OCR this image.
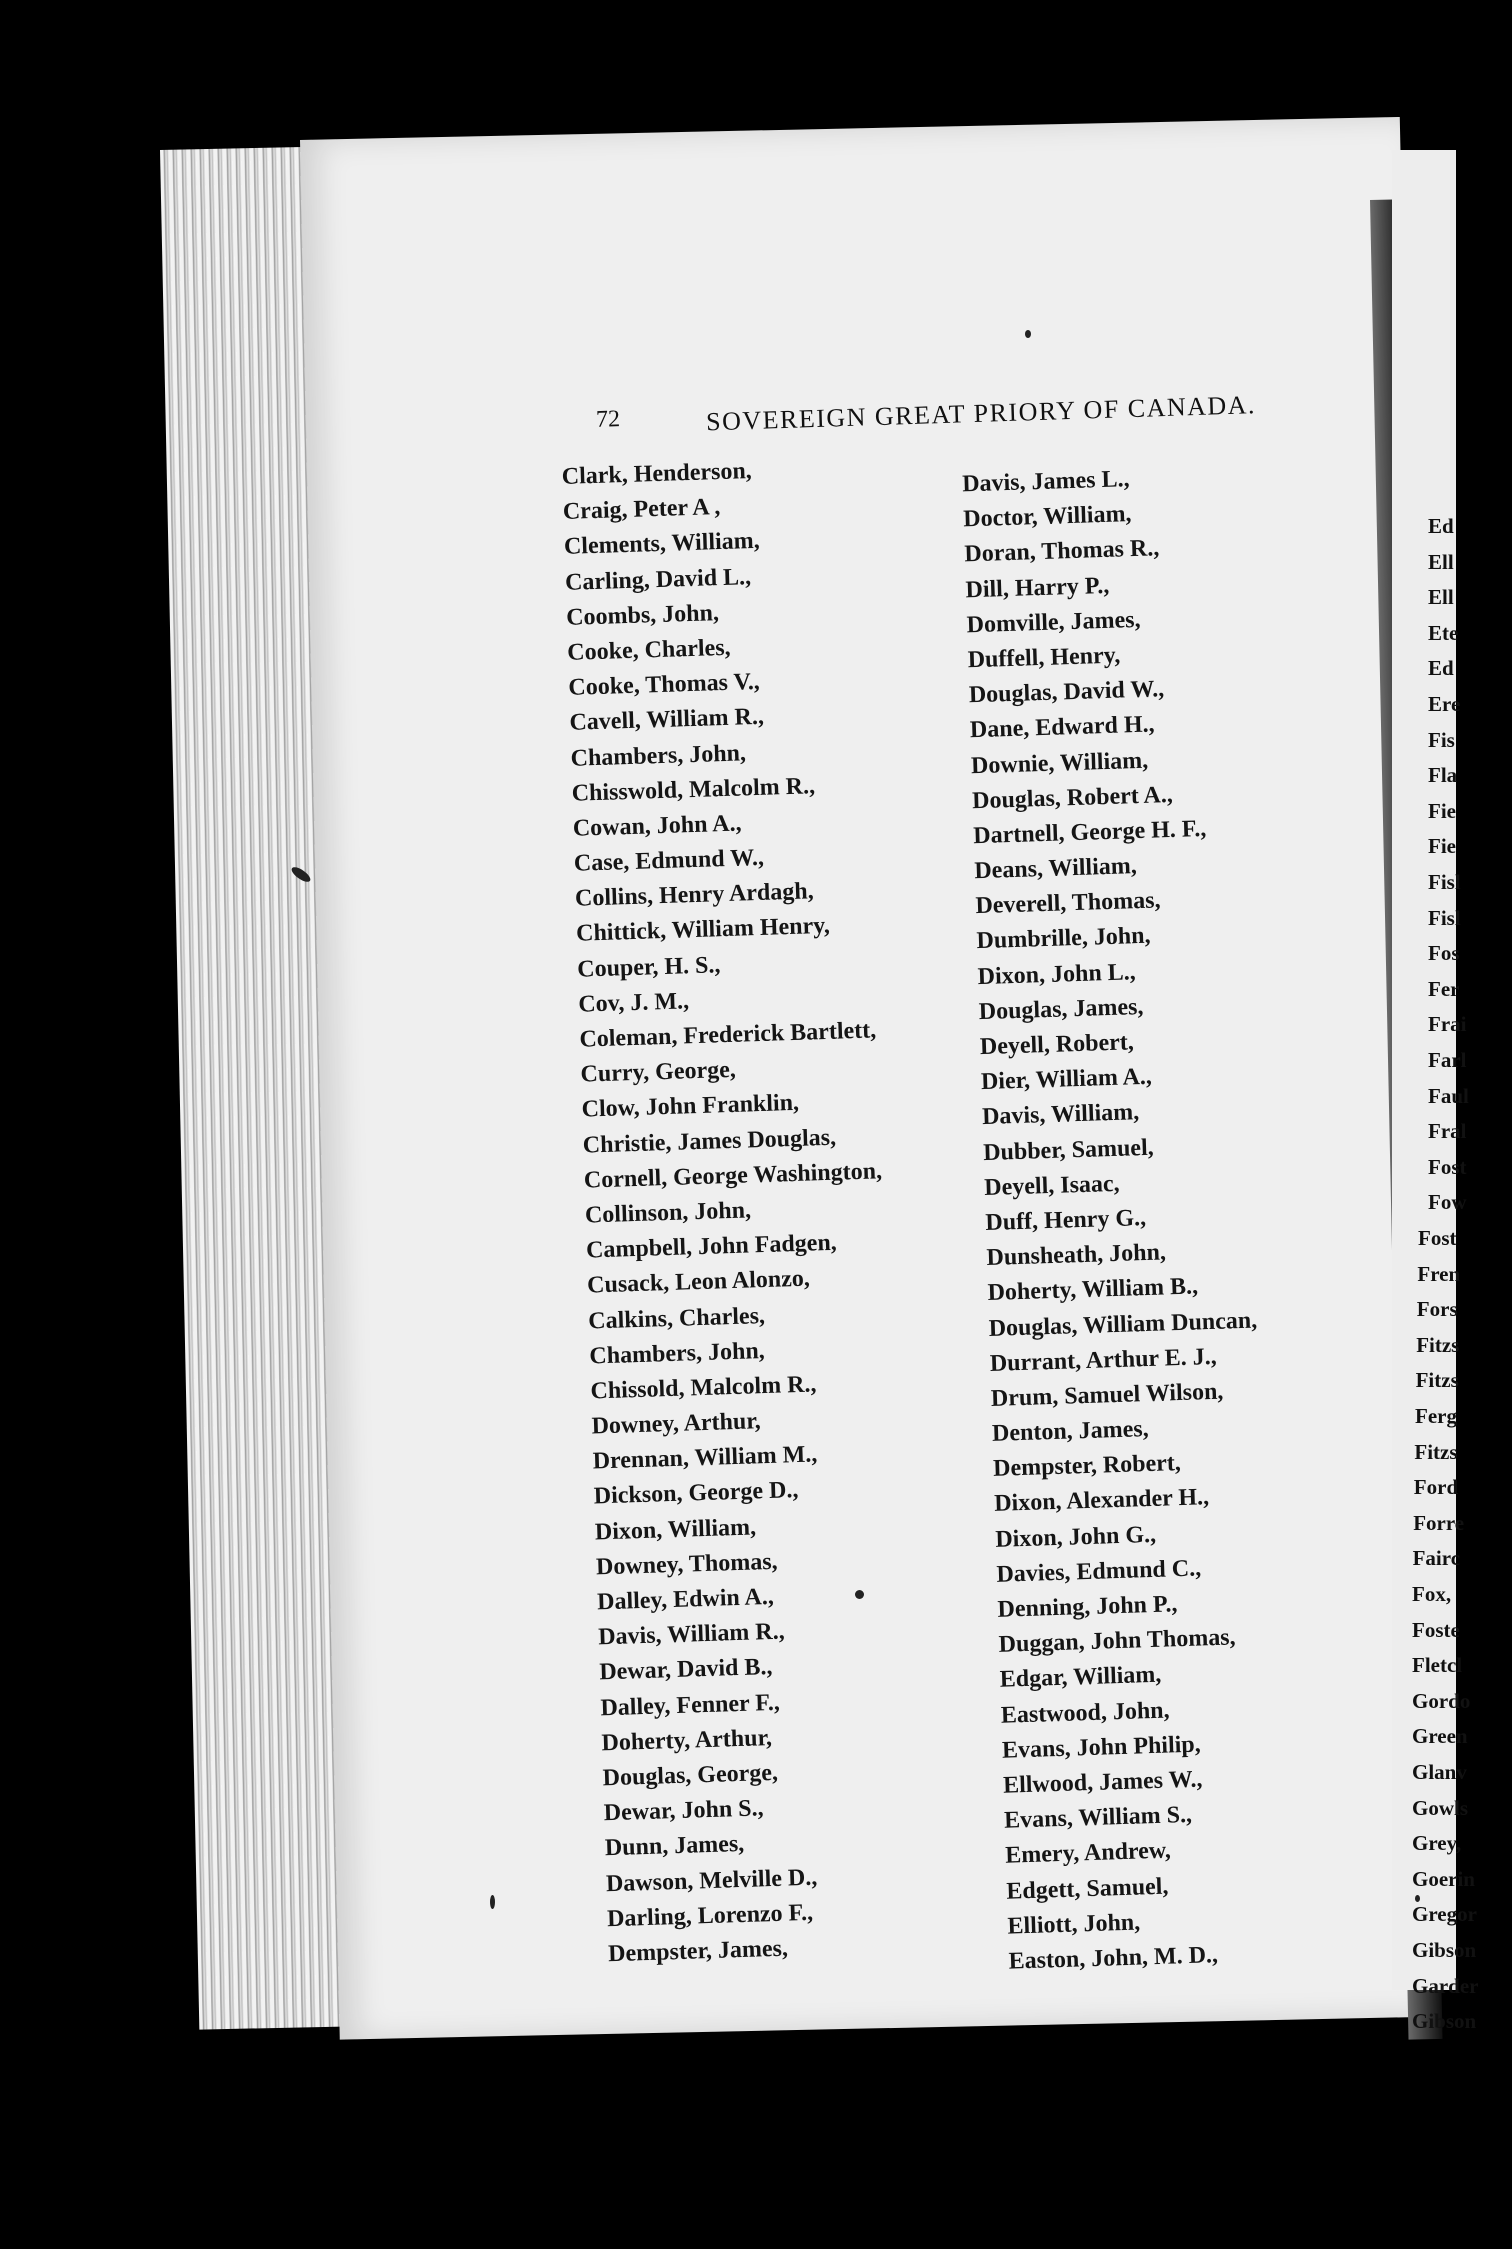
Ed
Ell
Ell
Ete
Ed
Ere
Fis
Fla
Fie
Fie
Fisl
Fisl
Fos
Fer
Frai
Farl
Faul
Fral
Fost
Fow
Fost
Fren
Fors
Fitzs
Fitzs
Ferg
Fitzs
Ford
Forre
Fairc
Fox,
Foste
Fletcl
Gordo
Green
Glanv
Gowls
Grey,
Goerin
Gregor
Gibson
Garder
Gibson
72	SOVEREIGN GREAT PRIORY OF CANADA.
Clark, Henderson,
Craig, Peter A ,
Clements, William,
Carling, David L.,
Coombs, John,
Cooke, Charles,
Cooke, Thomas V.,
Cavell, William R.,
Chambers, John,
Chisswold, Malcolm R.,
Cowan, John A.,
Case, Edmund W.,
Collins, Henry Ardagh,
Chittick, William Henry,
Couper, H. S.,
Cov, J. M.,
Coleman, Frederick Bartlett,
Curry, George,
Clow, John Franklin,
Christie, James Douglas,
Cornell, George Washington,
Collinson, John,
Campbell, John Fadgen,
Cusack, Leon Alonzo,
Calkins, Charles,
Chambers, John,
Chissold, Malcolm R.,
Downey, Arthur,
Drennan, William M.,
Dickson, George D.,
Dixon, William,
Downey, Thomas,
Dalley, Edwin A.,
Davis, William R.,
Dewar, David B.,
Dalley, Fenner F.,
Doherty, Arthur,
Douglas, George,
Dewar, John S.,
Dunn, James,
Dawson, Melville D.,
Darling, Lorenzo F.,
Dempster, James,
Davis, James L.,
Doctor, William,
Doran, Thomas R.,
Dill, Harry P.,
Domville, James,
Duffell, Henry,
Douglas, David W.,
Dane, Edward H.,
Downie, William,
Douglas, Robert A.,
Dartnell, George H. F.,
Deans, William,
Deverell, Thomas,
Dumbrille, John,
Dixon, John L.,
Douglas, James,
Deyell, Robert,
Dier, William A.,
Davis, William,
Dubber, Samuel,
Deyell, Isaac,
Duff, Henry G.,
Dunsheath, John,
Doherty, William B.,
Douglas, William Duncan,
Durrant, Arthur E. J.,
Drum, Samuel Wilson,
Denton, James,
Dempster, Robert,
Dixon, Alexander H.,
Dixon, John G.,
Davies, Edmund C.,
Denning, John P.,
Duggan, John Thomas,
Edgar, William,
Eastwood, John,
Evans, John Philip,
Ellwood, James W.,
Evans, William S.,
Emery, Andrew,
Edgett, Samuel,
Elliott, John,
Easton, John, M. D.,
